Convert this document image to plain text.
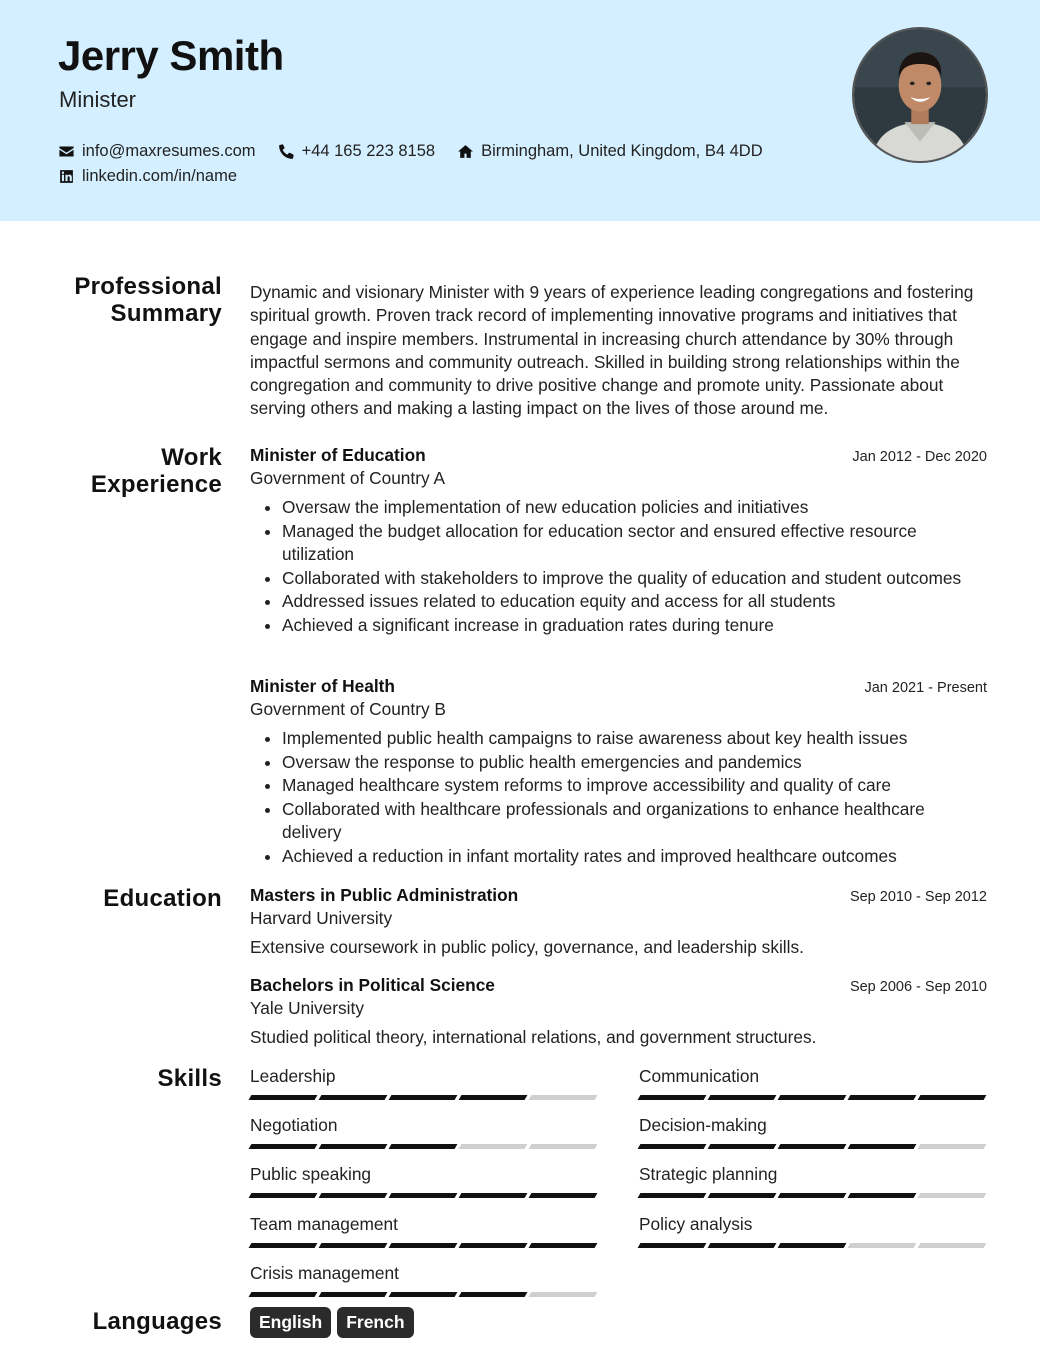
Jerry Smith
Minister
info@maxresumes.com	+44 165 223 8158	Birmingham, United Kingdom, B4 4DD
linkedin.com/in/name
Professional
Summary

Dynamic and visionary Minister with 9 years of experience leading congregations and fostering spiritual growth. Proven track record of implementing innovative programs and initiatives that engage and inspire members. Instrumental in increasing church attendance by 30% through impactful sermons and community outreach. Skilled in building strong relationships within the congregation and community to drive positive change and promote unity. Passionate about serving others and making a lasting impact on the lives of those around me.

Work
Experience
Minister of Education	Jan 2012 - Dec 2020
Government of Country A
• Oversaw the implementation of new education policies and initiatives
• Managed the budget allocation for education sector and ensured effective resource utilization
• Collaborated with stakeholders to improve the quality of education and student outcomes
• Addressed issues related to education equity and access for all students
• Achieved a significant increase in graduation rates during tenure
Minister of Health	Jan 2021 - Present
Government of Country B
• Implemented public health campaigns to raise awareness about key health issues
• Oversaw the response to public health emergencies and pandemics
• Managed healthcare system reforms to improve accessibility and quality of care
• Collaborated with healthcare professionals and organizations to enhance healthcare delivery
• Achieved a reduction in infant mortality rates and improved healthcare outcomes
Education Masters in Public Administration	Sep 2010 - Sep 2012
Harvard University
Extensive coursework in public policy, governance, and leadership skills.
Bachelors in Political Science	Sep 2006 - Sep 2010
Yale University
Studied political theory, international relations, and government structures.
Skills Leadership	Communication
Negotiation	Decision-making
Public speaking	Strategic planning
Team management	Policy analysis
Crisis management
Languages	English	French
